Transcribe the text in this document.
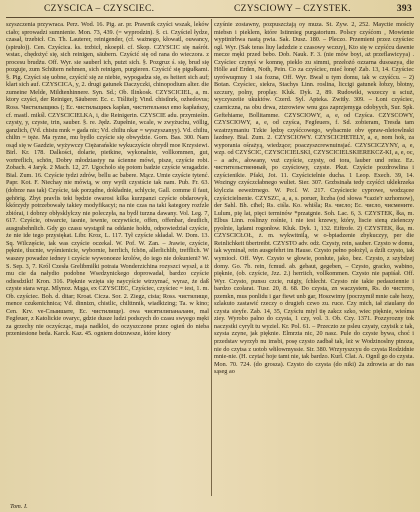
CZYSCICA – CZYSCIEC.	CZYSCIOWY – CZYSTEK.	393

szyszczenia przywraca. Perz. Wod. 16. Pig. ar. pr. Prawnik czyści wszak, leków ciało; sprowadzi sumnienie. Mon. 73, 439. (= wyprodzin). §. ci. Czyściel łydze, czasał, trzebicł. Cn. Th. Lauterer, reinigender, (cf. ważnego, kłowatl, ouwancy, (spiruło)). Cen. Czyścica. ks. trzbicł, nkoepił. cf. Skop. CZYSCIC się naśrót. wstar., chędożyć się, sich reinigen, säubern. Czyścić się od rana do wieczora. z procesu brudżu. Off. Wyr. sie sauberl ich, putzt sich. §. Pozgruz ś. się, brud się pozguje, zum Schütern nehmen, sich reinigen, purgieren. Czyścić się pigułkami. §. Pig. Czyści się uobne, czyścić się ze niebie, wypogadza się, es heitert sich auf; klart sich auf. CZYSCICA, y, 2. drugi gatunek Daczyczki, chinopodium alter. die zumeine Melde, Mildtenhinnere. Syn. Sd.; Ob. Ilinkosk. CZYSCICIEL, a, m. ktory czyści, der Reiniger, Säuberer. Ec. c. Tiślitelj; Vind. chistlnrk, ozhedovus; Ross. Чистилыщикъ (; Ec. чистильщикъ kapłan, чистительнил emo kapłańszy, cf. mastl. mikśl. CZYSCICIELKA, i, die Reinigerin. CZYSCIE adu. przymieśtn. czysty, y, czyste, trin, sauber. §. re. Jędz. Zupełnie, wcale, w zwyżuchu, völlig, ganzlich, (Vd. chistu mnk = gada nic; Vd. chiltu nkar = wyszyszanyy). Vd. chiltu, chiltn = tęże. Ma ryzne, mu bydlo czyście się obwydzie. Gorn. Bas. 300. Nam osąd się w Gazdzie, wyżywczy Ciężarańskie wykuczyście obrydł moe Krzysiewi. Birl. Kr. 178. Dalkości, dolarie, pietkine, wykonalnie, vollkommen, gut, vortreflich, schön, Dobry młodziastyy na ścienne mówi, pisze, czyście robi. Zobach. 4 Jaryk. 2 Mach. 12, 27. Ugocholo się potom badzie czyście wragadzie. Bial. Zum. 16. Czyście tydzi zdrów, bellu ac babere. Mącz. Umie czyście tytenć. Papr. Kot. F. Niechay nie mówią, w ony wytli czystście tak nam. Pub. Fr. 63. (dobrze nas tak) Czyście, tak porządne, dokładnie, schlycie, Gall. comme il faut, gehörig. Zbyt pravlis teki będzie owarosi kilka kurzpanzi czyście obdarowyk, kkórzydy potrzebowały takiey modyfikacyi; na nie czas na taki kategory rozfzle zbiórai, i dobrzy obłysklylczy nie poleczyła, na bydł turzna dawany. Vol. Leg. 7, 617. Czyście, otwarcie, iasnie, iewnie, oczywiście, offen, offenbar, deutlich, ausgrabehnlich. Gdy go czasu wystąpił na oddanie hołdu, odpowiedział czyście, że nie ide tego przysiękat. Libr. Kroz, L. 117. Tył czyście składal. W. Dom. 13. Sq. Wilczęście, iak was czyście oczekal. W. Pof. W. Zan. – Jrawie, czyście, pęknie, tłucnie, wyśmienicie, wybornie, herrlich, fchön, allerlichlib, trefflich. W waszey powadze iedney i czyście wywonoeze krolów, do iego nie dokunieni? W. S. Sep. 3, 7. Król Czesła Grelibmiłki potraia Wonderzichina rozyszci wyszł, a iż mu cie da nałydio podobne Wsedzynickego doprowadał, bardzo czyście odiesdzikt! Kron. 316. Pięknie wzięta się naycyście wtrzymać, wyraz, że daß czyste stara wrąz. Mlynoz. Mąga, ex CZYSCIEC, Czyściec, czyściec = iest, 1. m. Ob. czyściec. Boh. d. ditar; Kroat. Cicza. Sor. 2. Ziegz, cista; Ross. чистилище, mence czukenichnica; Vd. dinnizn, chistlic, chilttnnik, wiadkizing; Ta. w kino; Cen. Krv. ve-Слыишате, Ec. чистилище). owa чисятилипаналанн, mal Fegfeuer, z Katolickie ovaryc, gdzie dusze ludzi podszych do czasu swyego męki za grzechy nie oczyścząc, maja nadkloi, do oczyszczone przez ogień do nieba przeniesione beda. Karck. Kaz. 45. ogniem dotzuwsze, które ktory

czyśnie zostawny, pozpuszcżają oy muza. St. Zyw. 2, 252. Mayctie mościy miebsn i pieklem, które Istinnieg purgatorium. Polscy czyśćom , Mowienie wyptinirbwa nastą pwia. Sak. Dusz. 180. – Pleczo. Przemieni przez czyściec ogl. Wyr. (Sak teras liuy ladzdzie z czasowy wczuy), Kto się w czyśćcu dawnie mecze męki przed bebo. Dob. Nauk. F. 3. (nie mów boyi, aż przeflawicyya) . Czyściec czynyś w komnę, pieklo zu simmi, przełożó ozzarna dusoazya, die Hölle auf Erden, Noth, Pein. Co za czyściec, mieć łonę! Zab. 13, 14. Czyściec uyrówuqmuy 1 sia fozna, Off. Wyr. Bwał u tym domu, iak w czyśćcu. – 2) Botan. Czyściec, siekra, Stachys Linn. roslina, liccigi gatunek łobzy, błotny, szczury, polny, proplay. Kluk. Dyk. 2, 89. Rudowiki, wszeczy u sciuż, wyczyszeiie ukuktów. Czerd. Syl. Apteka. Zwitły. 309. – Łoni czyściec, czarniczna, na obu drwa, ztzrowiew wnu gza zaprzjemyga cdobyych, Sur. Spk. Geftehiame, Bollitamme. CZYSCIOWY, a, e, od Czyśca. CZYSCOWY, CZYSCIOWY, a, e, od czyśca, Fegfeuers, f. Sd. zobieram, Tresda tam wzatrzymaniu Tzkie lędzę czyśćcowego, wybacmie obv ępraw-nleiowlnski lazdney. Bial. Zum. 2. CZYSCIOWY. CZYSCICHETELY, a, e, nom hok, za wyporania ośrażyą, wiedzące; poaczyszcrewnuinsjać. CZYSCICZYNY, a, e, wzp. od CZYŚCIC, CZYSCICIELSKI, CZYSCICIELSKIEREKCZ-KI, a, e, oc, – a adv., ałowany, vuż czyście, czysty, od tora, lauber und reisz. Ez. чистительственный, po czyściowy, czyste. Pkut. Czyście pozdrowlina i czyścienikie. Pfaki, Jot. 11. Czyścicielnie ducha. 1 Leop. Exech. 39, 14. Wozingy czyśczcłabnego wuliet. Sier. 307. Grzbsinała tedy czyśćci uklekrzeka kiylczia eeweżrnego. W. Po:ſ. W. 217. Czyściecie cyprowe, wodzącee czyścicielnenie. CZYSZC, a, a, s. poruer, liczba (od słowa *cazie'r szrhomow), der Sahl. Bh. ciħel; Rs. ciśla. Ko. whiśla; Rs. число; Ec. число, чисменитe. Lulum, pię lat, pięci terminów *przatgnie. Soh. Lac. 6, 3. CZYSTEK, łka, m. Elbus Linn. roślinzy rośnie, i nie iest krzewy, który, liscie sieną zielenczy pyolnie, lądami rogonłow. Kluk. Dyk. 1, 132. Eiftrofe. 2) CZYSTEK, łka, m. CZYSCICŁOŁ, ż. m. wykwitnilą, w o-bpiadzenie zbykuczyy, per die Reinlichkeit übertreibt. CZYSTO adv. odż. Czysty, rein, sauber. Czysto w domu, iak wyminał, rein ausgefehrt im Hause. Czysto pełno położyl, a dzili czysto, iak wymiocł. Off. Wyr. Czysto w głowie, ponłute, jako, bez. Czysto, z szybdzej domy. Go. 7b. rein, fcmud. ab. gebaut, gegeben, – Czysto, gracko, wabino, pięknie, (ob. czyście, Jzz. 2.) herriich, vollkommen. Czysto nie papiśał. Off. Wyr. Czysto, punsu czcie, ruigty, ſchlecht. Czysto nie takie pedasziennie i bardzo czołarat. Tusr. 20, 8. 68. Do czysta, zn waczystem, Rs. do чистлто, pzemkn, mus ponlidu i gar fiewt unb gar, Hoszwimy (pocrzymił mnie całe hezy, szlakuto zastawić rzeczy o drugieh czwo zu. ruce. Czy mich, iał ziaulany do czysta sieyfe. Zab. 14, 35, Czyściu miyl tię zakcz szko, wiec pięknie, wieśma ziey. Wyrobo palno do czysta, 1 czy, vol. 3. Ob. Czy. 1371. Pozzyrozny tok naczystki cyrylt tu wyziel. Kr. Pol. 61. – Przeczto ze psleu czyaty, czyisik z tak, szysta zzyne, jak pięknie. Elmrzta nic, 20 nasz. Pule do czyste bywa, choć i przedstav wyrzyb nu imsbi, posę czysto zadbał tak, leż w Wodzinoslny ptnoza, nie do czytsa z uotob włiłowmyssie. Sir. 380. Wrzyryszcyu do czysta Rodzidnie mnie-nie. (H. czytać hoje tamt nie, tak bardzo. Kurl. Clat. A. Ognil go do czysta. Mon. 70. 724. (do grosza). Czysto do czysta (do niki) 2a zdrowia ar do nas sąseg ao

Tom. I.
